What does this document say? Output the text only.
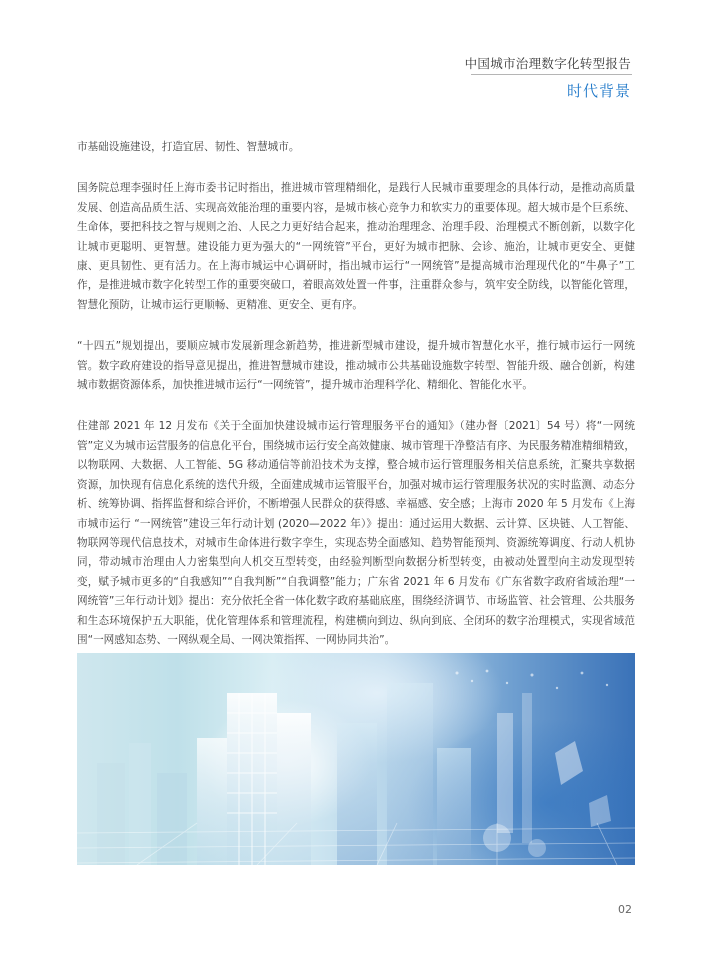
中国城市治理数字化转型报告
时代背景

市基础设施建设，打造宜居、韧性、智慧城市。

国务院总理李强时任上海市委书记时指出，推进城市管理精细化，是践行人民城市重要理念的具体行动，是推动高质量发展、创造高品质生活、实现高效能治理的重要内容，是城市核心竞争力和软实力的重要体现。超大城市是个巨系统、生命体，要把科技之智与规则之治、人民之力更好结合起来，推动治理理念、治理手段、治理模式不断创新，以数字化让城市更聪明、更智慧。建设能力更为强大的“一网统管”平台，更好为城市把脉、会诊、施治，让城市更安全、更健康、更具韧性、更有活力。在上海市城运中心调研时，指出城市运行“一网统管”是提高城市治理现代化的“牛鼻子”工作，是推进城市数字化转型工作的重要突破口，着眼高效处置一件事，注重群众参与，筑牢安全防线，以智能化管理，智慧化预防，让城市运行更顺畅、更精准、更安全、更有序。

“十四五”规划提出，要顺应城市发展新理念新趋势，推进新型城市建设，提升城市智慧化水平，推行城市运行一网统管。数字政府建设的指导意见提出，推进智慧城市建设，推动城市公共基础设施数字转型、智能升级、融合创新，构建城市数据资源体系，加快推进城市运行“一网统管”，提升城市治理科学化、精细化、智能化水平。

住建部 2021 年 12 月发布《关于全面加快建设城市运行管理服务平台的通知》（建办督〔2021〕54 号）将“一网统管”定义为城市运营服务的信息化平台，围绕城市运行安全高效健康、城市管理干净整洁有序、为民服务精准精细精致，以物联网、大数据、人工智能、5G 移动通信等前沿技术为支撑，整合城市运行管理服务相关信息系统，汇聚共享数据资源，加快现有信息化系统的迭代升级，全面建成城市运管服平台，加强对城市运行管理服务状况的实时监测、动态分析、统筹协调、指挥监督和综合评价，不断增强人民群众的获得感、幸福感、安全感；上海市 2020 年 5 月发布《上海市城市运行 “一网统管”建设三年行动计划 (2020—2022 年）》提出：通过运用大数据、云计算、区块链、人工智能、物联网等现代信息技术，对城市生命体进行数字孪生，实现态势全面感知、趋势智能预判、资源统筹调度、行动人机协同，带动城市治理由人力密集型向人机交互型转变，由经验判断型向数据分析型转变，由被动处置型向主动发现型转变，赋予城市更多的“自我感知”“自我判断”“自我调整”能力；广东省 2021 年 6 月发布《广东省数字政府省域治理“一网统管”三年行动计划》提出：充分依托全省一体化数字政府基础底座，围绕经济调节、市场监管、社会管理、公共服务和生态环境保护五大职能，优化管理体系和管理流程，构建横向到边、纵向到底、全闭环的数字治理模式，实现省域范围“一网感知态势、一网纵观全局、一网决策指挥、一网协同共治”。

02
